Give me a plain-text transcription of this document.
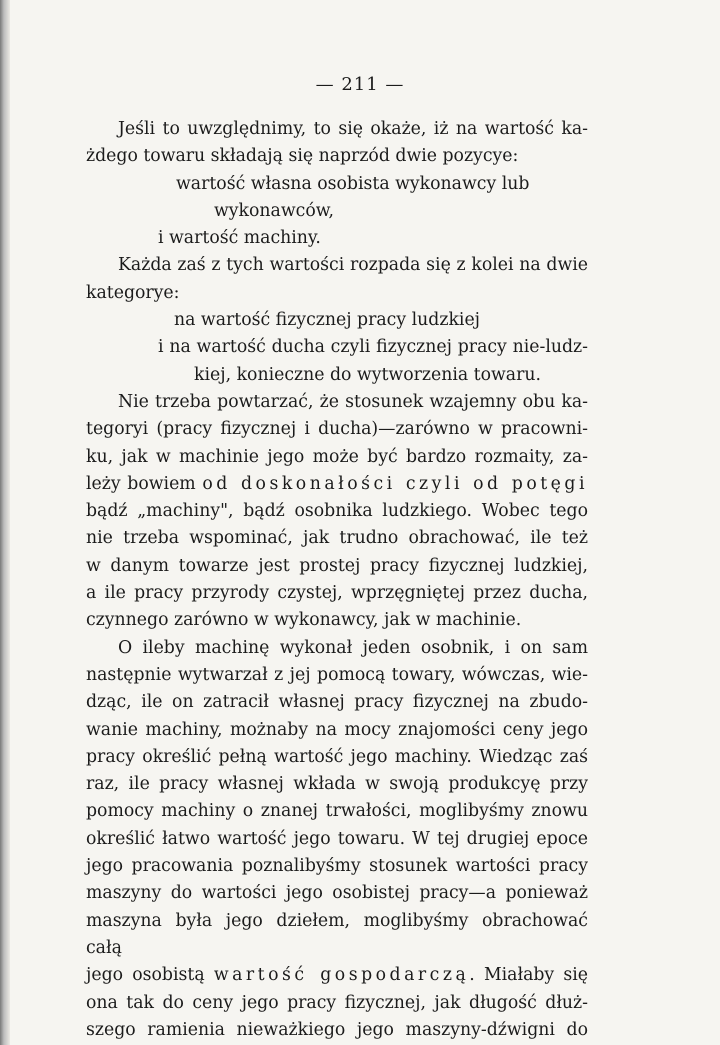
— 211 —

Jeśli to uwzględnimy, to się okaże, iż na wartość ka-
żdego towaru składają się naprzód dwie pozycye:

wartość własna osobista wykonawcy lub
wykonawców,

i wartość machiny.

Każda zaś z tych wartości rozpada się z kolei na dwie
kategorye:

na wartość fizycznej pracy ludzkiej

i na wartość ducha czyli fizycznej pracy nie-ludz-
kiej, konieczne do wytworzenia towaru.

Nie trzeba powtarzać, że stosunek wzajemny obu ka-
tegoryi (pracy fizycznej i ducha)—zarówno w pracowni-
ku, jak w machinie jego może być bardzo rozmaity, za-
leży bowiem od doskonałości czyli od potęgi
bądź „machiny", bądź osobnika ludzkiego. Wobec tego
nie trzeba wspominać, jak trudno obrachować, ile też
w danym towarze jest prostej pracy fizycznej ludzkiej,
a ile pracy przyrody czystej, wprzęgniętej przez ducha,
czynnego zarówno w wykonawcy, jak w machinie.

O ileby machinę wykonał jeden osobnik, i on sam
następnie wytwarzał z jej pomocą towary, wówczas, wie-
dząc, ile on zatracił własnej pracy fizycznej na zbudo-
wanie machiny, możnaby na mocy znajomości ceny jego
pracy określić pełną wartość jego machiny. Wiedząc zaś
raz, ile pracy własnej wkłada w swoją produkcyę przy
pomocy machiny o znanej trwałości, moglibyśmy znowu
określić łatwo wartość jego towaru. W tej drugiej epoce
jego pracowania poznalibyśmy stosunek wartości pracy
maszyny do wartości jego osobistej pracy—a ponieważ
maszyna była jego dziełem, moglibyśmy obrachować całą
jego osobistą wartość gospodarczą. Miałaby się
ona tak do ceny jego pracy fizycznej, jak długość dłuż-
szego ramienia nieważkiego jego maszyny-dźwigni do
